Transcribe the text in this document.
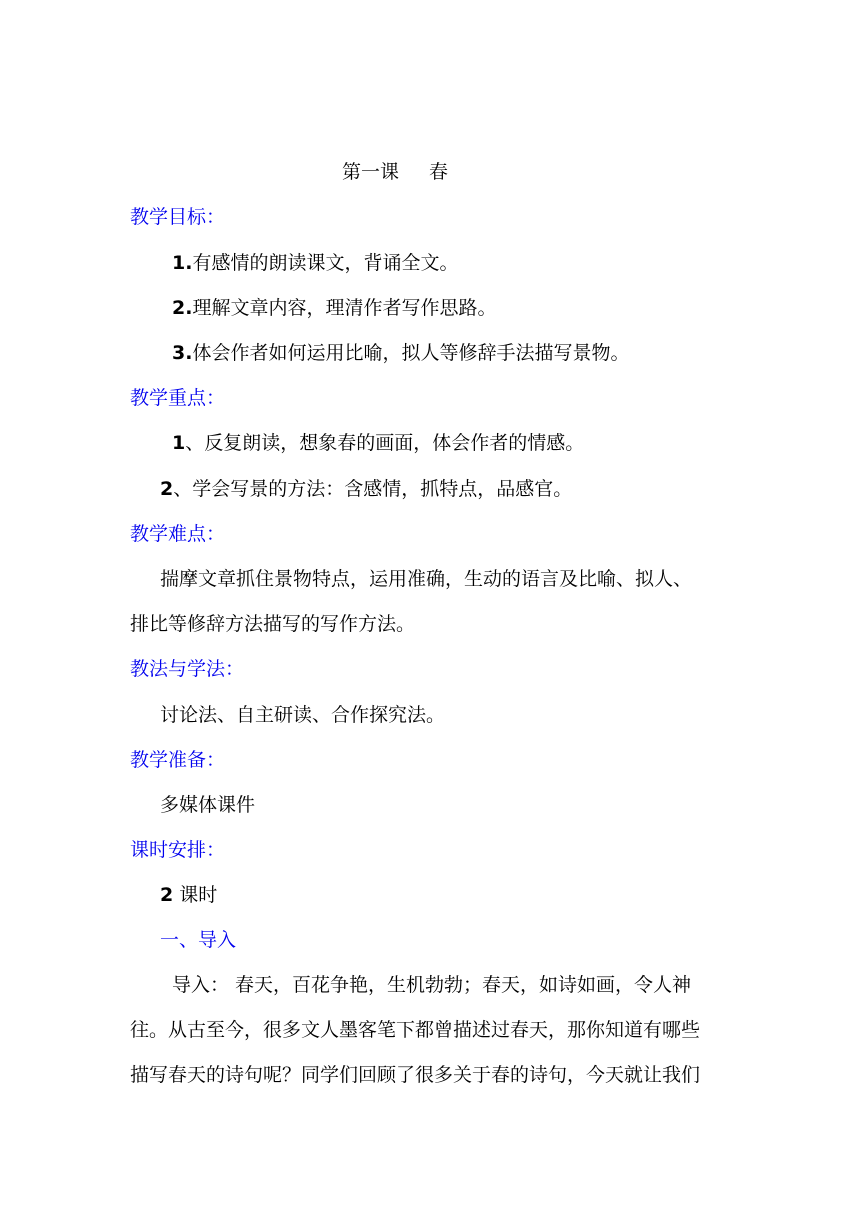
第一课 春
教学目标：
1.有感情的朗读课文，背诵全文。
2.理解文章内容，理清作者写作思路。
3.体会作者如何运用比喻，拟人等修辞手法描写景物。
教学重点：
1、反复朗读，想象春的画面，体会作者的情感。
2、学会写景的方法：含感情，抓特点，品感官。
教学难点：
揣摩文章抓住景物特点，运用准确，生动的语言及比喻、拟人、
排比等修辞方法描写的写作方法。
教法与学法：
讨论法、自主研读、合作探究法。
教学准备：
多媒体课件
课时安排：
2 课时
一、导入
导入： 春天，百花争艳，生机勃勃；春天，如诗如画，令人神
往。从古至今，很多文人墨客笔下都曾描述过春天，那你知道有哪些
描写春天的诗句呢？同学们回顾了很多关于春的诗句，今天就让我们
